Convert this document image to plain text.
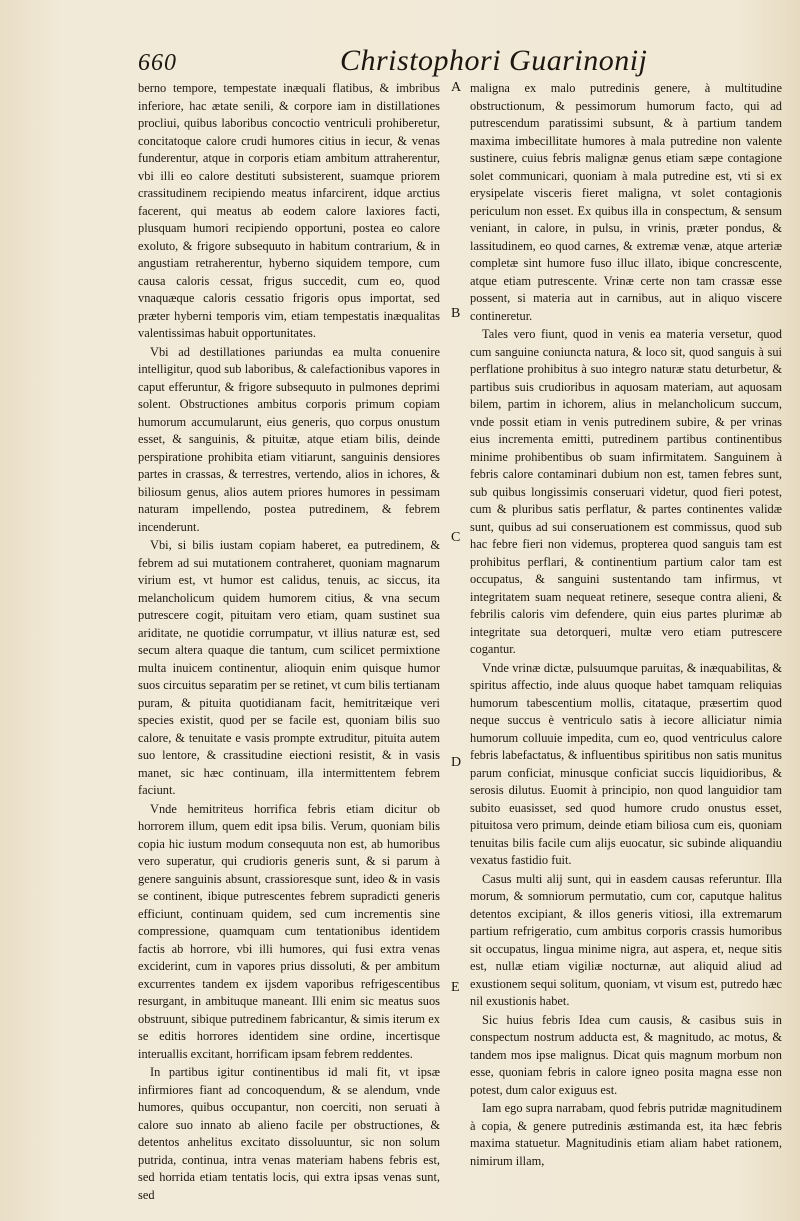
660	Christophori Guarinonij

berno tempore, tempestate inæquali flatibus, & imbribus inferiore, hac ætate senili, & corpore iam in distillationes procliui, quibus laboribus concoctio ventriculi prohiberetur, concitatoque calore crudi humores citius in iecur, & venas funderentur, atque in corporis etiam ambitum attraherentur, vbi illi eo calore destituti subsisterent, suamque priorem crassitudinem recipiendo meatus infarcirent, idque arctius facerent, qui meatus ab eodem calore laxiores facti, plusquam humori recipiendo opportuni, postea eo calore exoluto, & frigore subsequuto in habitum contrarium, & in angustiam retraherentur, hyberno siquidem tempore, cum causa caloris cessat, frigus succedit, cum eo, quod vnaquæque caloris cessatio frigoris opus importat, sed præter hyberni temporis vim, etiam tempestatis inæqualitas valentissimas habuit opportunitates.

Vbi ad destillationes pariundas ea multa conuenire intelligitur, quod sub laboribus, & calefactionibus vapores in caput efferuntur, & frigore subsequuto in pulmones deprimi solent. Obstructiones ambitus corporis primum copiam humorum accumularunt, eius generis, quo corpus onustum esset, & sanguinis, & pituitæ, atque etiam bilis, deinde perspiratione prohibita etiam vitiarunt, sanguinis densiores partes in crassas, & terrestres, vertendo, alios in ichores, & biliosum genus, alios autem priores humores in pessimam naturam impellendo, postea putredinem, & febrem incenderunt.

Vbi, si bilis iustam copiam haberet, ea putredinem, & febrem ad sui mutationem contraheret, quoniam magnarum virium est, vt humor est calidus, tenuis, ac siccus, ita melancholicum quidem humorem citius, & vna secum putrescere cogit, pituitam vero etiam, quam sustinet sua ariditate, ne quotidie corrumpatur, vt illius naturæ est, sed secum altera quaque die tantum, cum scilicet permixtione multa inuicem continentur, alioquin enim quisque humor suos circuitus separatim per se retinet, vt cum bilis tertianam puram, & pituita quotidianam facit, hemitritæique veri species existit, quod per se facile est, quoniam bilis suo calore, & tenuitate e vasis prompte extruditur, pituita autem suo lentore, & crassitudine eiectioni resistit, & in vasis manet, sic hæc continuam, illa intermittentem febrem faciunt.

Vnde hemitriteus horrifica febris etiam dicitur ob horrorem illum, quem edit ipsa bilis. Verum, quoniam bilis copia hic iustum modum consequuta non est, ab humoribus vero superatur, qui crudioris generis sunt, & si parum à genere sanguinis absunt, crassioresque sunt, ideo & in vasis se continent, ibique putrescentes febrem supradicti generis efficiunt, continuam quidem, sed cum incrementis sine compressione, quamquam cum tentationibus identidem factis ab horrore, vbi illi humores, qui fusi extra venas exciderint, cum in vapores prius dissoluti, & per ambitum excurrentes tandem ex ijsdem vaporibus refrigescentibus resurgant, in ambituque maneant. Illi enim sic meatus suos obstruunt, sibique putredinem fabricantur, & simis iterum ex se editis horrores identidem sine ordine, incertisque interuallis excitant, horrificam ipsam febrem reddentes.

In partibus igitur continentibus id mali fit, vt ipsæ infirmiores fiant ad concoquendum, & se alendum, vnde humores, quibus occupantur, non coerciti, non seruati à calore suo innato ab alieno facile per obstructiones, & detentos anhelitus excitato dissoluuntur, sic non solum putrida, continua, intra venas materiam habens febris est, sed horrida etiam tentatis locis, qui extra ipsas venas sunt, sed

A
B
C
D
E

maligna ex malo putredinis genere, à multitudine obstructionum, & pessimorum humorum facto, qui ad putrescendum paratissimi subsunt, & à partium tandem maxima imbecillitate humores à mala putredine non valente sustinere, cuius febris malignæ genus etiam sæpe contagione solet communicari, quoniam à mala putredine est, vti si ex erysipelate visceris fieret maligna, vt solet contagionis periculum non esset. Ex quibus illa in conspectum, & sensum veniant, in calore, in pulsu, in vrinis, præter pondus, & lassitudinem, eo quod carnes, & extremæ venæ, atque arteriæ completæ sint humore fuso illuc illato, ibique concrescente, atque etiam putrescente. Vrinæ certe non tam crassæ esse possent, si materia aut in carnibus, aut in aliquo viscere contineretur.

Tales vero fiunt, quod in venis ea materia versetur, quod cum sanguine coniuncta natura, & loco sit, quod sanguis à sui perflatione prohibitus à suo integro naturæ statu deturbetur, & partibus suis crudioribus in aquosam materiam, aut aquosam bilem, partim in ichorem, alius in melancholicum succum, vnde possit etiam in venis putredinem subire, & per vrinas eius incrementa emitti, putredinem partibus continentibus minime prohibentibus ob suam infirmitatem. Sanguinem à febris calore contaminari dubium non est, tamen febres sunt, sub quibus longissimis conseruari videtur, quod fieri potest, cum & pluribus satis perflatur, & partes continentes validæ sunt, quibus ad sui conseruationem est commissus, quod sub hac febre fieri non videmus, propterea quod sanguis tam est prohibitus perflari, & continentium partium calor tam est occupatus, & sanguini sustentando tam infirmus, vt integritatem suam nequeat retinere, seseque contra alieni, & febrilis caloris vim defendere, quin eius partes plurimæ ab integritate sua detorqueri, multæ vero etiam putrescere cogantur.

Vnde vrinæ dictæ, pulsuumque paruitas, & inæquabilitas, & spiritus affectio, inde aluus quoque habet tamquam reliquias humorum tabescentium mollis, citataque, præsertim quod neque succus è ventriculo satis à iecore alliciatur nimia humorum colluuie impedita, cum eo, quod ventriculus calore febris labefactatus, & influentibus spiritibus non satis munitus parum conficiat, minusque conficiat succis liquidioribus, & serosis dilutus. Euomit à principio, non quod languidior tam subito euasisset, sed quod humore crudo onustus esset, pituitosa vero primum, deinde etiam biliosa cum eis, quoniam tenuitas bilis facile cum alijs euocatur, sic subinde aliquandiu vexatus fastidio fuit.

Casus multi alij sunt, qui in easdem causas referuntur. Illa morum, & somniorum permutatio, cum cor, caputque halitus detentos excipiant, & illos generis vitiosi, illa extremarum partium refrigeratio, cum ambitus corporis crassis humoribus sit occupatus, lingua minime nigra, aut aspera, et, neque sitis est, nullæ etiam vigiliæ nocturnæ, aut aliquid aliud ad exustionem sequi solitum, quoniam, vt visum est, putredo hæc nil exustionis habet.

Sic huius febris Idea cum causis, & casibus suis in conspectum nostrum adducta est, & magnitudo, ac motus, & tandem mos ipse malignus. Dicat quis magnum morbum non esse, quoniam febris in calore igneo posita magna esse non potest, dum calor exiguus est.

Iam ego supra narrabam, quod febris putridæ magnitudinem à copia, & genere putredinis æstimanda est, ita hæc febris maxima statuetur. Magnitudinis etiam aliam habet rationem, nimirum illam,
